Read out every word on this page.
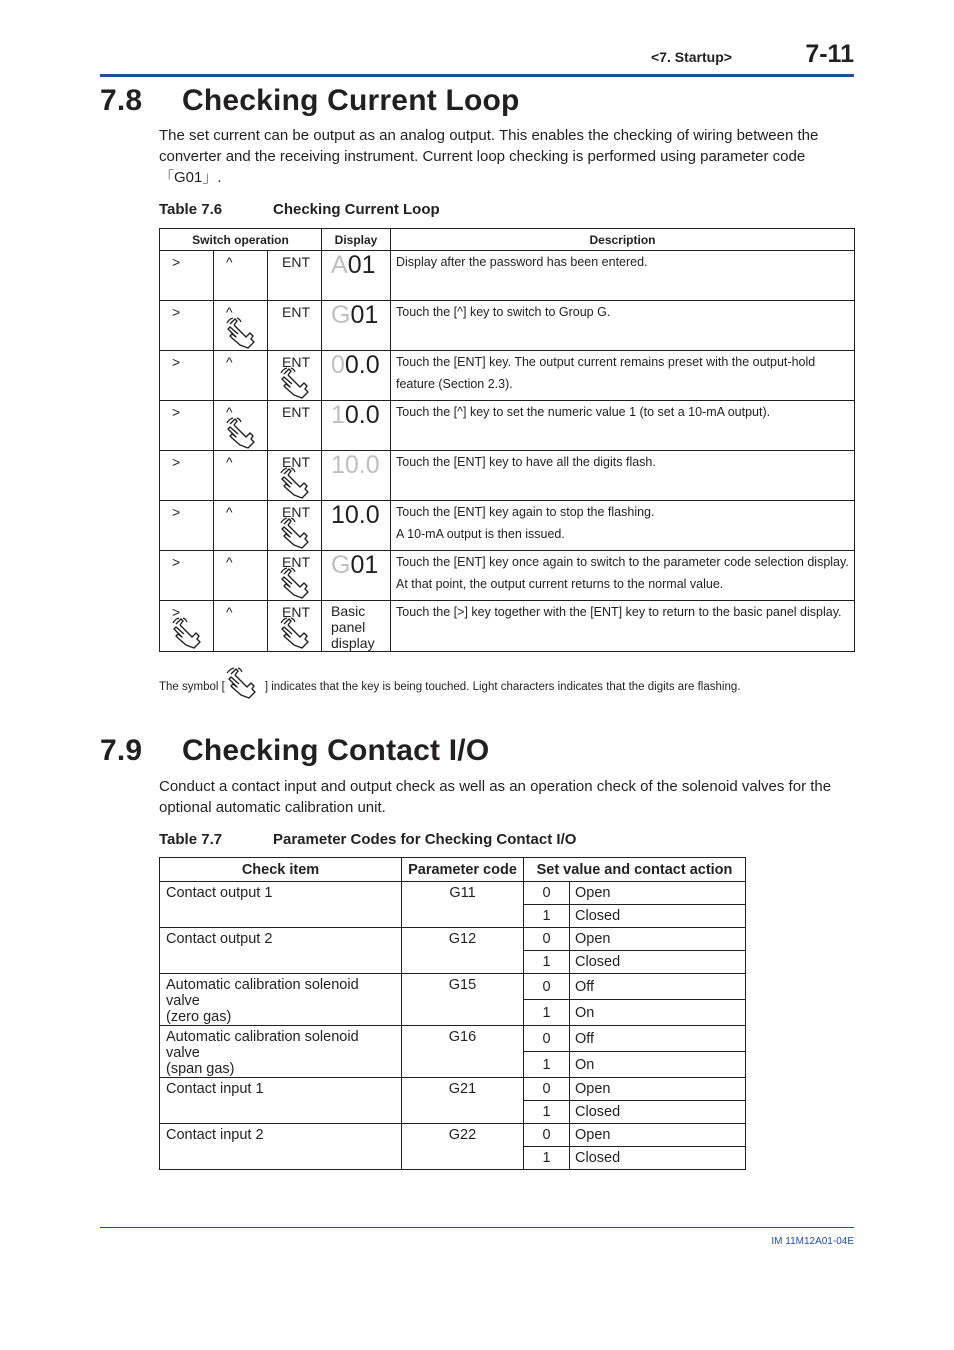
<7. Startup>	7-11
7.8 Checking Current Loop
The set current can be output as an analog output. This enables the checking of wiring between the
converter and the receiving instrument. Current loop checking is performed using parameter code
「G01」.
Table 7.6	Checking Current Loop
Switch operation			Display	Description

>	^	ENT	A01	Display after the password has been entered.

>	^	ENT	G01	Touch the [^] key to switch to Group G.

>	^	ENT	00.0	Touch the [ENT] key. The output current remains preset with the output-hold
feature (Section 2.3).

>	^	ENT	10.0	Touch the [^] key to set the numeric value 1 (to set a 10-mA output).

>	^	ENT	10.0	Touch the [ENT] key to have all the digits flash.

>	^	ENT	10.0	Touch the [ENT] key again to stop the flashing.
A 10-mA output is then issued.

>	^	ENT	G01	Touch the [ENT] key once again to switch to the parameter code selection display.
At that point, the output current returns to the normal value.

>	^	ENT	Basic
panel
display	Touch the [>] key together with the [ENT] key to return to the basic panel display.
The symbol [	] indicates that the key is being touched. Light characters indicates that the digits are flashing.
7.9 Checking Contact I/O
Conduct a contact input and output check as well as an operation check of the solenoid valves for the
optional automatic calibration unit.
Table 7.7	Parameter Codes for Checking Contact I/O
Check item	Parameter code	Set value and contact action	

Contact output 1	G11	0	Open
		1	Closed

Contact output 2	G12	0	Open
		1	Closed

Automatic calibration solenoid valve
(zero gas)	G15	0	Off
		1	On

Automatic calibration solenoid valve
(span gas)	G16	0	Off
		1	On

Contact input 1	G21	0	Open
		1	Closed

Contact input 2	G22	0	Open
		1	Closed
IM 11M12A01-04E
